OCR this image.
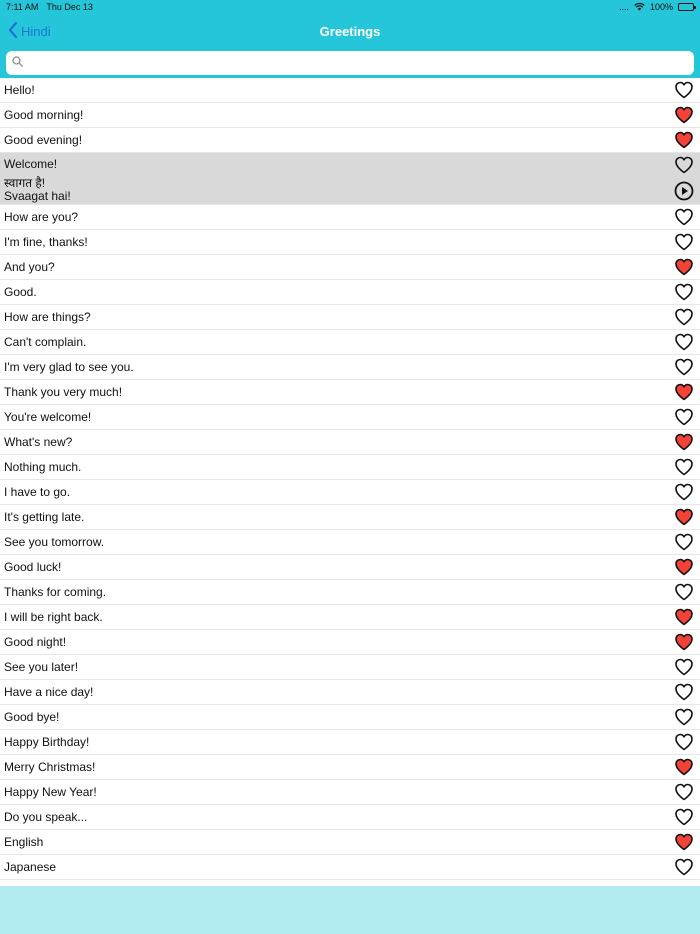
7:11 AM Thu Dec 13	.... 100%
Hindi	Greetings
Hello!
Good morning!
Good evening!
Welcome!
स्वागत है!
Svaagat hai!
How are you?
I'm fine, thanks!
And you?
Good.
How are things?
Can't complain.
I'm very glad to see you.
Thank you very much!
You're welcome!
What's new?
Nothing much.
I have to go.
It's getting late.
See you tomorrow.
Good luck!
Thanks for coming.
I will be right back.
Good night!
See you later!
Have a nice day!
Good bye!
Happy Birthday!
Merry Christmas!
Happy New Year!
Do you speak...
English
Japanese
